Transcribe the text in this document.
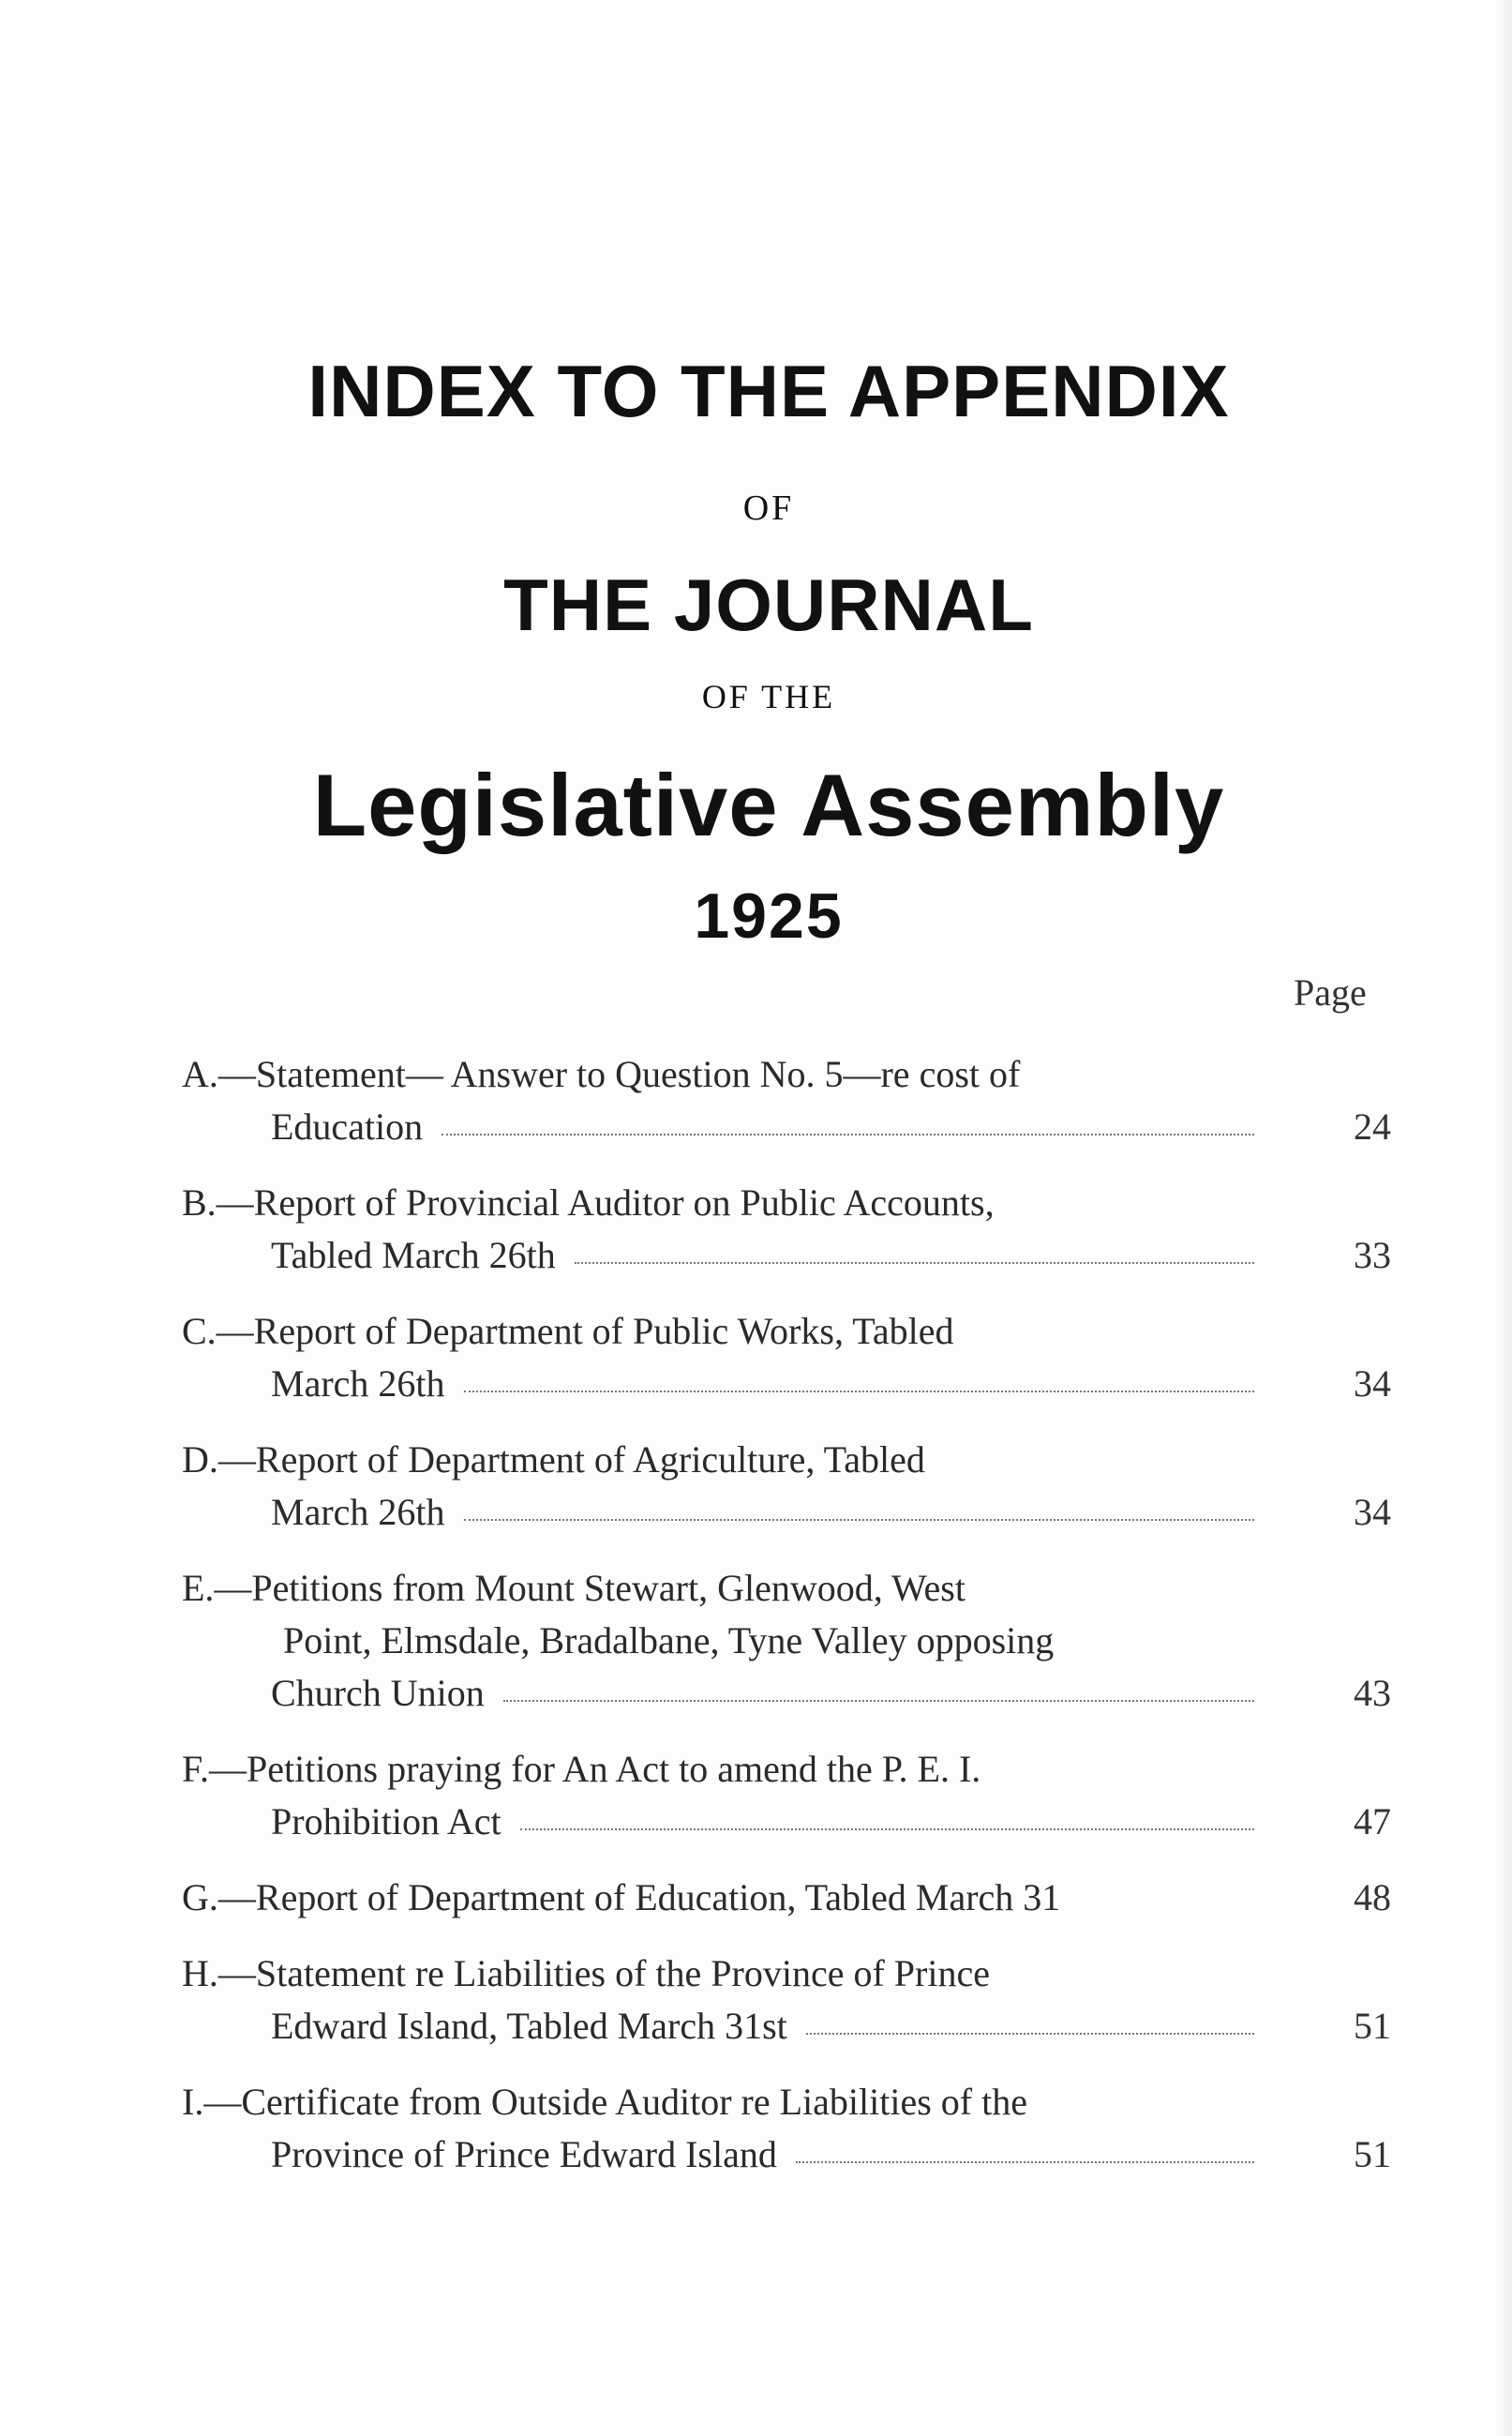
INDEX TO THE APPENDIX
OF
THE JOURNAL
OF THE
Legislative Assembly
1925
Page
A.—Statement— Answer to Question No. 5—re cost of
Education	24
B.—Report of Provincial Auditor on Public Accounts,
Tabled March 26th	33
C.—Report of Department of Public Works, Tabled
March 26th	34
D.—Report of Department of Agriculture, Tabled
March 26th	34
E.—Petitions from Mount Stewart, Glenwood, West
Point, Elmsdale, Bradalbane, Tyne Valley opposing
Church Union	43
F.—Petitions praying for An Act to amend the P. E. I.
Prohibition Act	47
G.—Report of Department of Education, Tabled March 31	48
H.—Statement re Liabilities of the Province of Prince
Edward Island, Tabled March 31st	51
I.—Certificate from Outside Auditor re Liabilities of the
Province of Prince Edward Island	51
